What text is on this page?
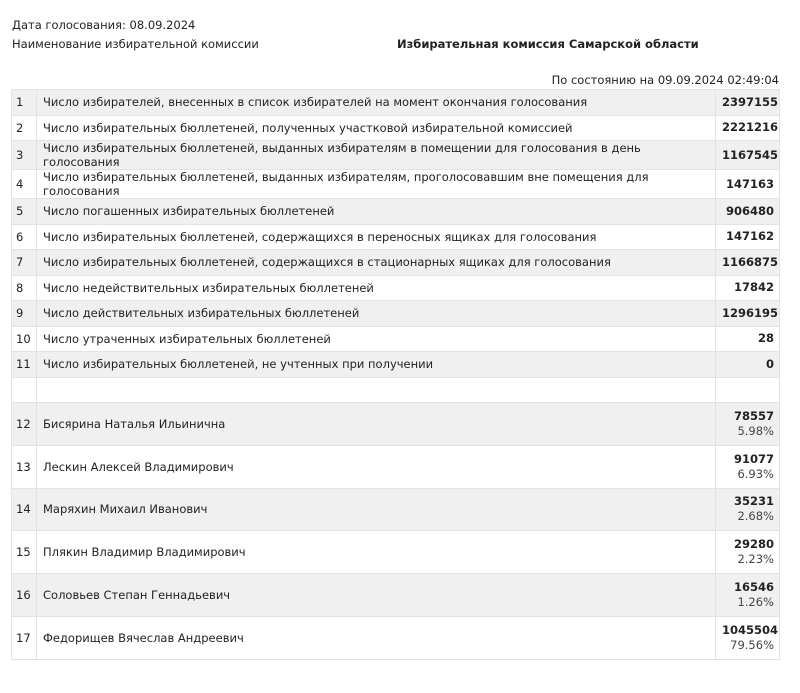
Дата голосования: 08.09.2024
Наименование избирательной комиссии	Избирательная комиссия Самарской области
По состоянию на 09.09.2024 02:49:04
1	Число избирателей, внесенных в список избирателей на момент окончания голосования	2397155

2	Число избирательных бюллетеней, полученных участковой избирательной комиссией	2221216

3	Число избирательных бюллетеней, выданных избирателям в помещении для голосования в день голосования	1167545

4	Число избирательных бюллетеней, выданных избирателям, проголосовавшим вне помещения для голосования	147163

5	Число погашенных избирательных бюллетеней	906480

6	Число избирательных бюллетеней, содержащихся в переносных ящиках для голосования	147162

7	Число избирательных бюллетеней, содержащихся в стационарных ящиках для голосования	1166875

8	Число недействительных избирательных бюллетеней	17842

9	Число действительных избирательных бюллетеней	1296195

10	Число утраченных избирательных бюллетеней	28

11	Число избирательных бюллетеней, не учтенных при получении	0

12	Бисярина Наталья Ильинична	78557
5.98%

13	Лескин Алексей Владимирович	91077
6.93%

14	Маряхин Михаил Иванович	35231
2.68%

15	Плякин Владимир Владимирович	29280
2.23%

16	Соловьев Степан Геннадьевич	16546
1.26%

17	Федорищев Вячеслав Андреевич	1045504
79.56%
